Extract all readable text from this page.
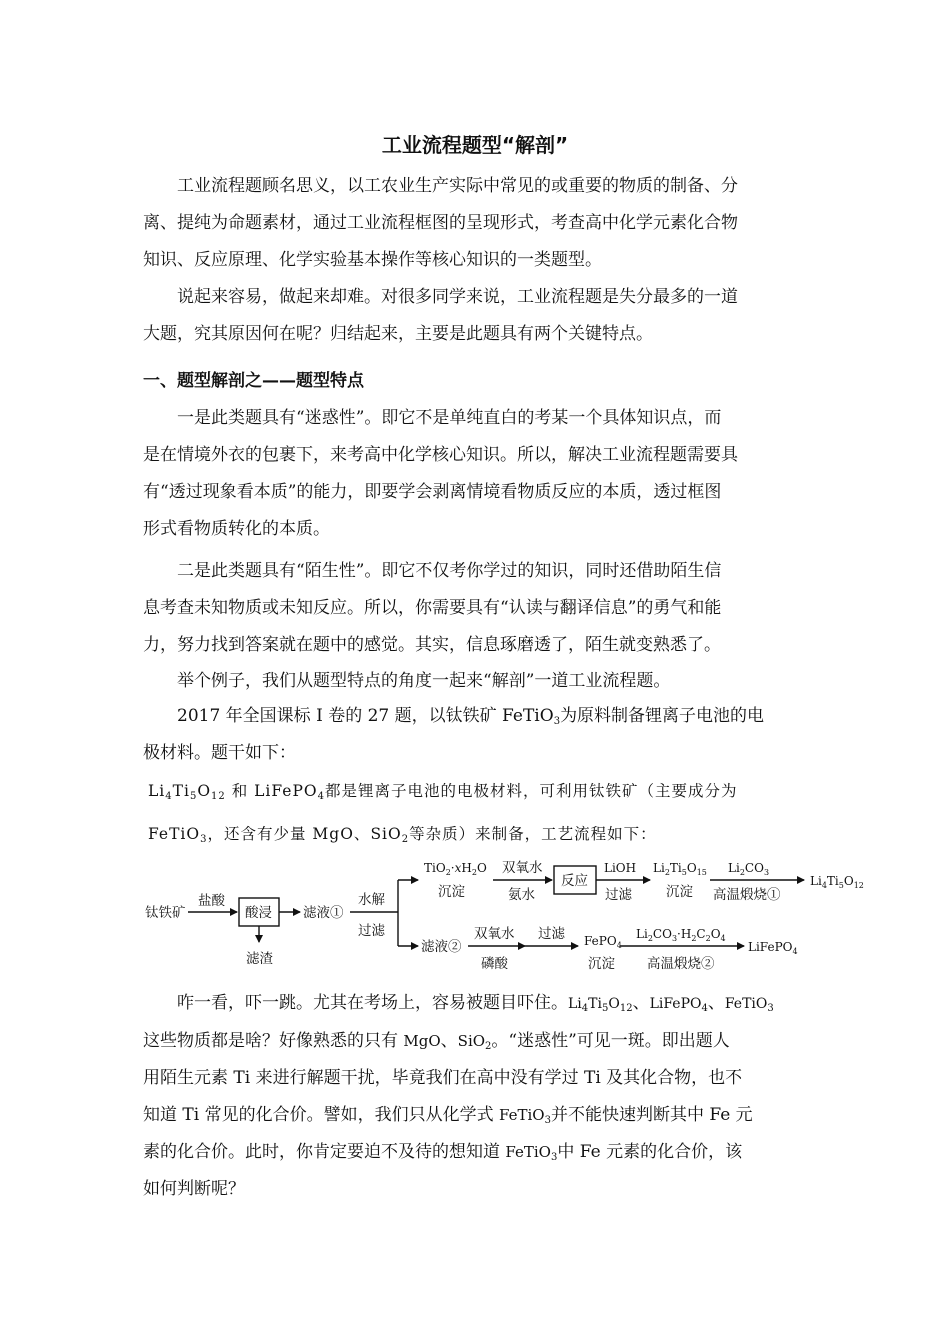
工业流程题型“解剖”
工业流程题顾名思义，以工农业生产实际中常见的或重要的物质的制备、分
离、提纯为命题素材，通过工业流程框图的呈现形式，考查高中化学元素化合物
知识、反应原理、化学实验基本操作等核心知识的一类题型。
说起来容易，做起来却难。对很多同学来说，工业流程题是失分最多的一道
大题，究其原因何在呢？归结起来，主要是此题具有两个关键特点。
一、题型解剖之——题型特点
一是此类题具有“迷惑性”。即它不是单纯直白的考某一个具体知识点，而
是在情境外衣的包裹下，来考高中化学核心知识。所以，解决工业流程题需要具
有“透过现象看本质”的能力，即要学会剥离情境看物质反应的本质，透过框图
形式看物质转化的本质。
二是此类题具有“陌生性”。即它不仅考你学过的知识，同时还借助陌生信
息考查未知物质或未知反应。所以，你需要具有“认读与翻译信息”的勇气和能
力，努力找到答案就在题中的感觉。其实，信息琢磨透了，陌生就变熟悉了。
举个例子，我们从题型特点的角度一起来“解剖”一道工业流程题。
2017 年全国课标 I 卷的 27 题，以钛铁矿 FeTiO$_3$为原料制备锂离子电池的电
极材料。题干如下：
$Li_4Ti_5O_{12}$ 和 LiFePO$_4$都是锂离子电池的电极材料，可利用钛铁矿（主要成分为
FeTiO$_3$，还含有少量 MgO、SiO$_2$等杂质）来制备，工艺流程如下：
钛铁矿
盐酸
酸浸
滤渣
滤液①
水解
过滤
$TiO_2\cdot xH_2O$
沉淀
双氧水
氨水
反应
LiOH
过滤
$Li_2Ti_5O_{15}$
沉淀
$Li_2CO_3$
高温煅烧①
$Li_4Ti_5O_{12}$
滤液②
双氧水
磷酸
过滤 FePO$_4$
沉淀
$Li_2CO_3\cdot H_2C_2O_4$
高温煅烧②
LiFePO$_4$
咋一看，吓一跳。尤其在考场上，容易被题目吓住。$Li_4Ti_5O_{12}$、LiFePO$_4$、FeTiO$_3$
这些物质都是啥？好像熟悉的只有 MgO、SiO$_2$。“迷惑性”可见一斑。即出题人
用陌生元素 Ti 来进行解题干扰，毕竟我们在高中没有学过 Ti 及其化合物，也不
知道 Ti 常见的化合价。譬如，我们只从化学式 FeTiO$_3$并不能快速判断其中 Fe 元
素的化合价。此时，你肯定要迫不及待的想知道 FeTiO$_3$中 Fe 元素的化合价，该
如何判断呢？
